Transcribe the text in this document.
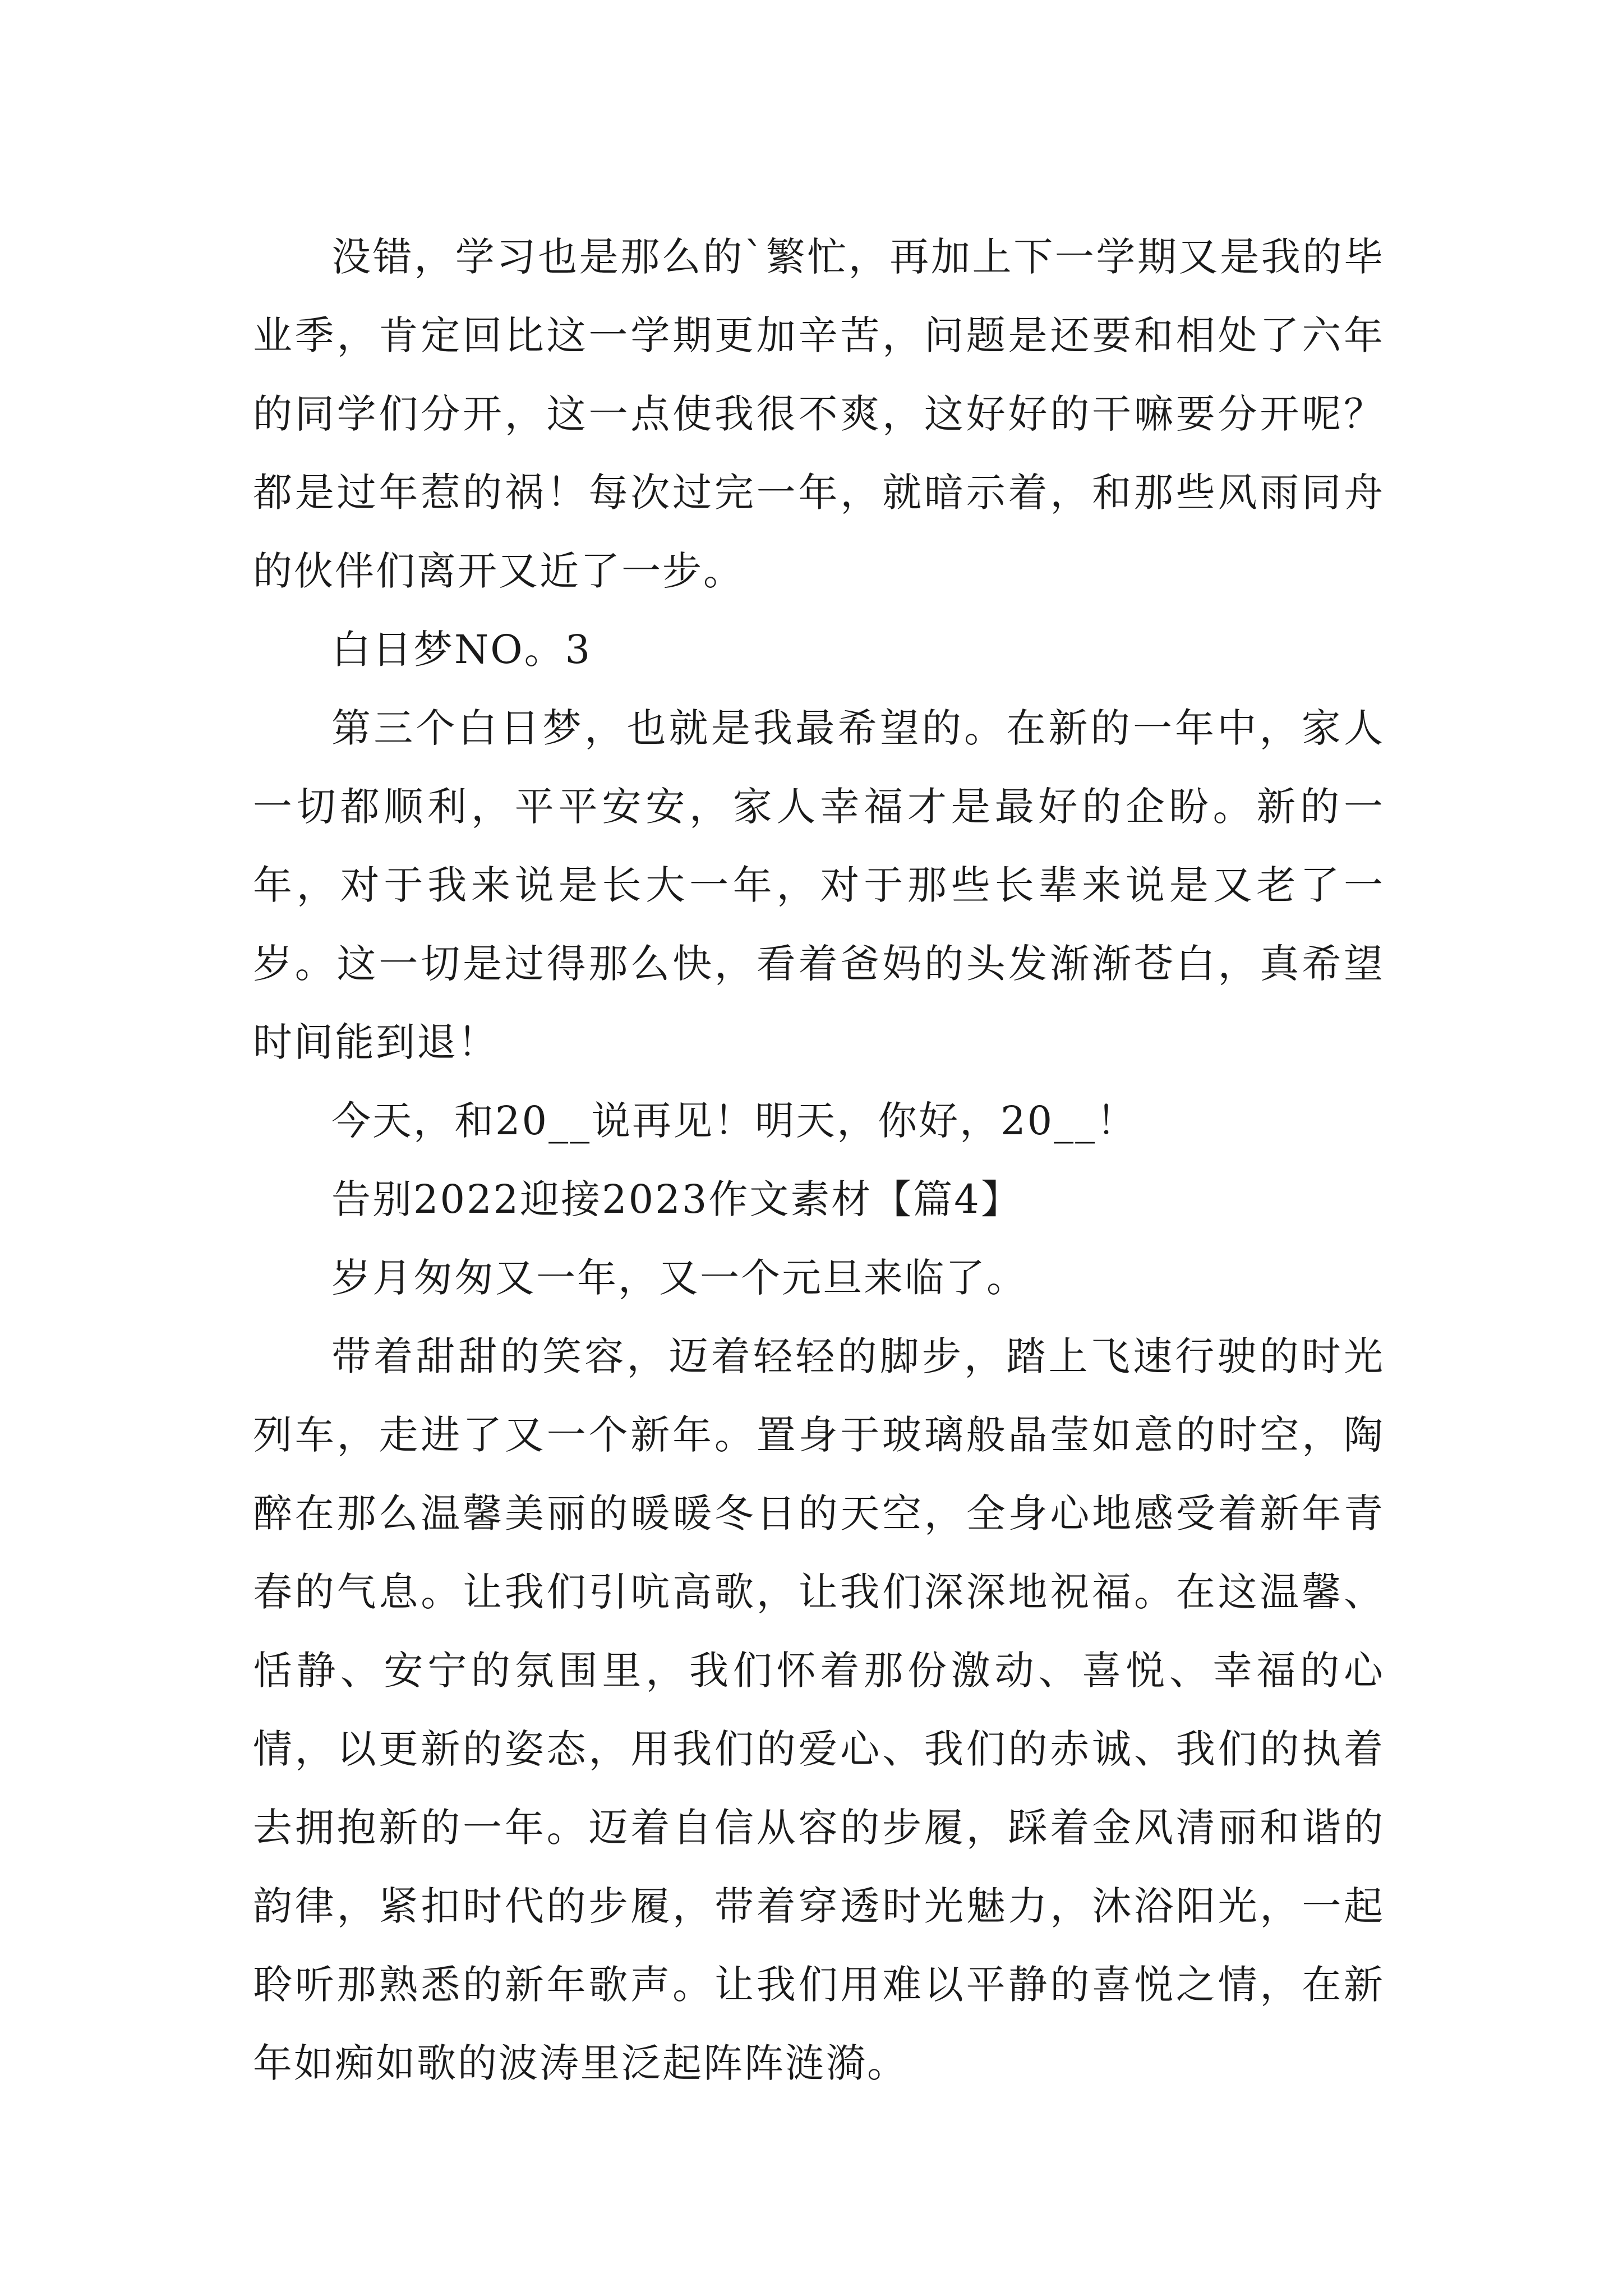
没错，学习也是那么的`繁忙，再加上下一学期又是我的毕业季，肯定回比这一学期更加辛苦，问题是还要和相处了六年的同学们分开，这一点使我很不爽，这好好的干嘛要分开呢？都是过年惹的祸！每次过完一年，就暗示着，和那些风雨同舟的伙伴们离开又近了一步。

白日梦NO。3

第三个白日梦，也就是我最希望的。在新的一年中，家人一切都顺利，平平安安，家人幸福才是最好的企盼。新的一年，对于我来说是长大一年，对于那些长辈来说是又老了一岁。这一切是过得那么快，看着爸妈的头发渐渐苍白，真希望时间能到退！

今天，和20__说再见！明天，你好，20__！

告别2022迎接2023作文素材【篇4】

岁月匆匆又一年，又一个元旦来临了。

带着甜甜的笑容，迈着轻轻的脚步，踏上飞速行驶的时光列车，走进了又一个新年。置身于玻璃般晶莹如意的时空，陶醉在那么温馨美丽的暖暖冬日的天空，全身心地感受着新年青春的气息。让我们引吭高歌，让我们深深地祝福。在这温馨、恬静、安宁的氛围里，我们怀着那份激动、喜悦、幸福的心情，以更新的姿态，用我们的爱心、我们的赤诚、我们的执着去拥抱新的一年。迈着自信从容的步履，踩着金风清丽和谐的韵律，紧扣时代的步履，带着穿透时光魅力，沐浴阳光，一起聆听那熟悉的新年歌声。让我们用难以平静的喜悦之情，在新年如痴如歌的波涛里泛起阵阵涟漪。
